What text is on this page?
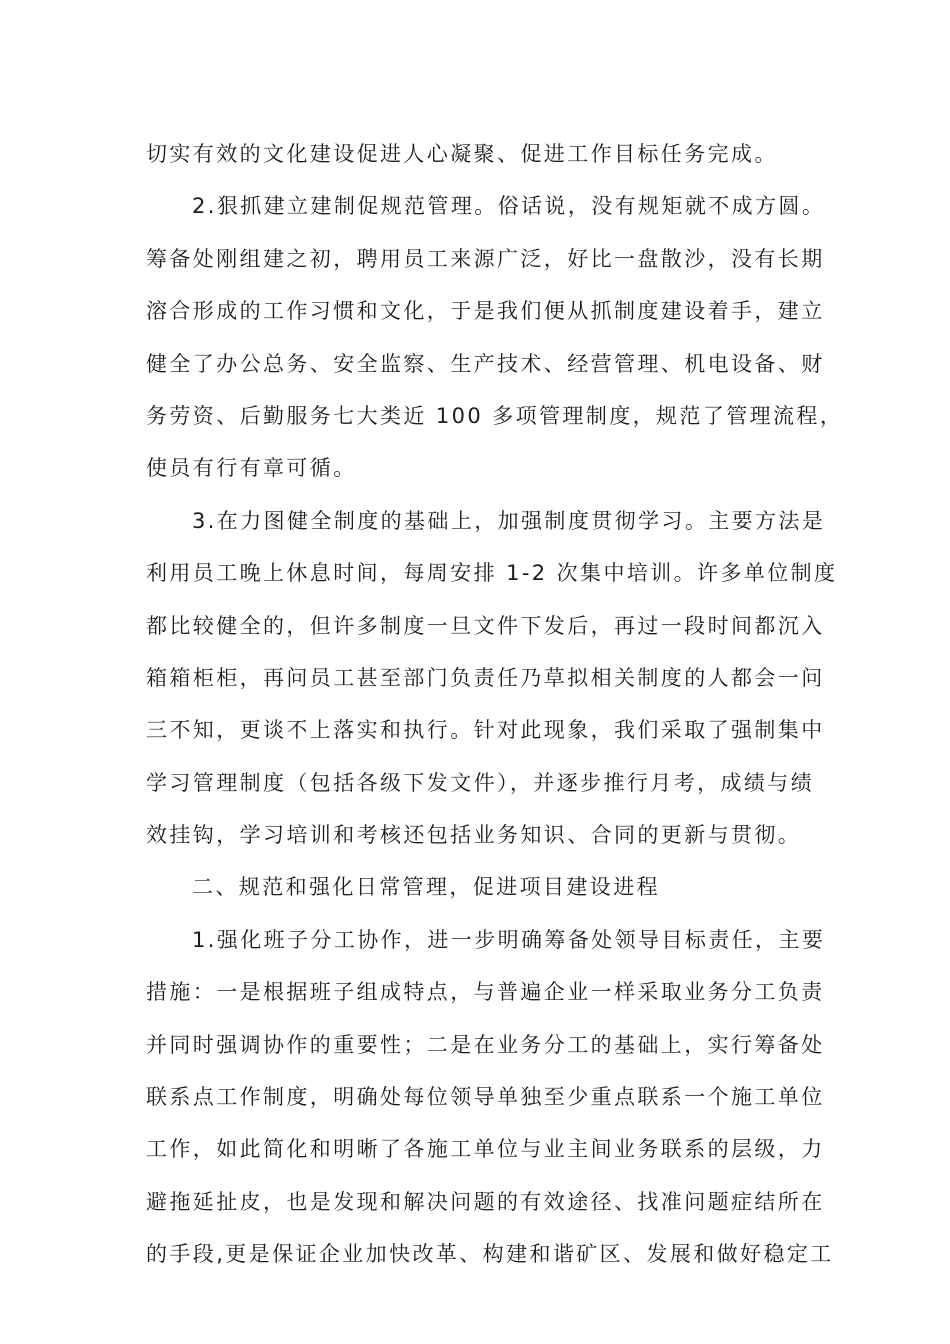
切实有效的文化建设促进人心凝聚、促进工作目标任务完成。
2.狠抓建立建制促规范管理。俗话说，没有规矩就不成方圆。
筹备处刚组建之初，聘用员工来源广泛，好比一盘散沙，没有长期
溶合形成的工作习惯和文化，于是我们便从抓制度建设着手，建立
健全了办公总务、安全监察、生产技术、经营管理、机电设备、财
务劳资、后勤服务七大类近 100 多项管理制度，规范了管理流程，
使员有行有章可循。
3.在力图健全制度的基础上，加强制度贯彻学习。主要方法是
利用员工晚上休息时间，每周安排 1-2 次集中培训。许多单位制度
都比较健全的，但许多制度一旦文件下发后，再过一段时间都沉入
箱箱柜柜，再问员工甚至部门负责任乃草拟相关制度的人都会一问
三不知，更谈不上落实和执行。针对此现象，我们采取了强制集中
学习管理制度（包括各级下发文件），并逐步推行月考，成绩与绩
效挂钩，学习培训和考核还包括业务知识、合同的更新与贯彻。
二、规范和强化日常管理，促进项目建设进程
1.强化班子分工协作，进一步明确筹备处领导目标责任，主要
措施：一是根据班子组成特点，与普遍企业一样采取业务分工负责
并同时强调协作的重要性；二是在业务分工的基础上，实行筹备处
联系点工作制度，明确处每位领导单独至少重点联系一个施工单位
工作，如此简化和明晰了各施工单位与业主间业务联系的层级，力
避拖延扯皮，也是发现和解决问题的有效途径、找准问题症结所在
的手段,更是保证企业加快改革、构建和谐矿区、发展和做好稳定工
